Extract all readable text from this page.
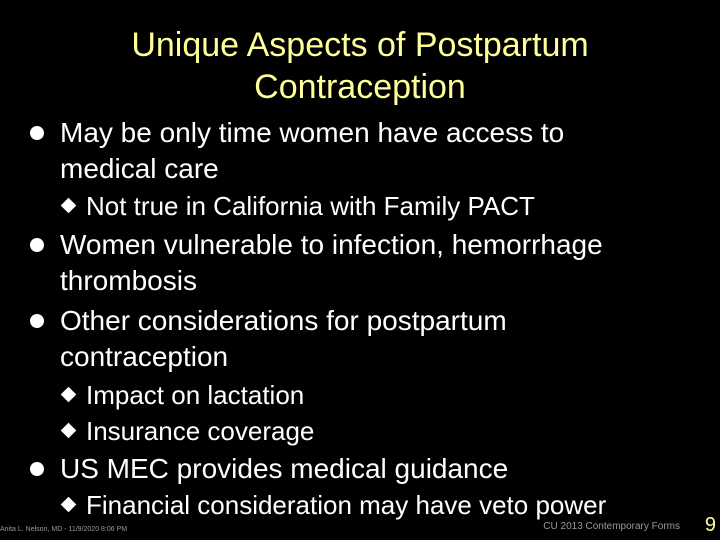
Unique Aspects of Postpartum
Contraception
May be only time women have access to
medical care
Not true in California with Family PACT
Women vulnerable to infection, hemorrhage
thrombosis
Other considerations for postpartum
contraception
Impact on lactation
Insurance coverage
US MEC provides medical guidance
Financial consideration may have veto power
Anita L. Nelson, MD - 11/9/2020 8:06 PM	CU 2013 Contemporary Forms 9
